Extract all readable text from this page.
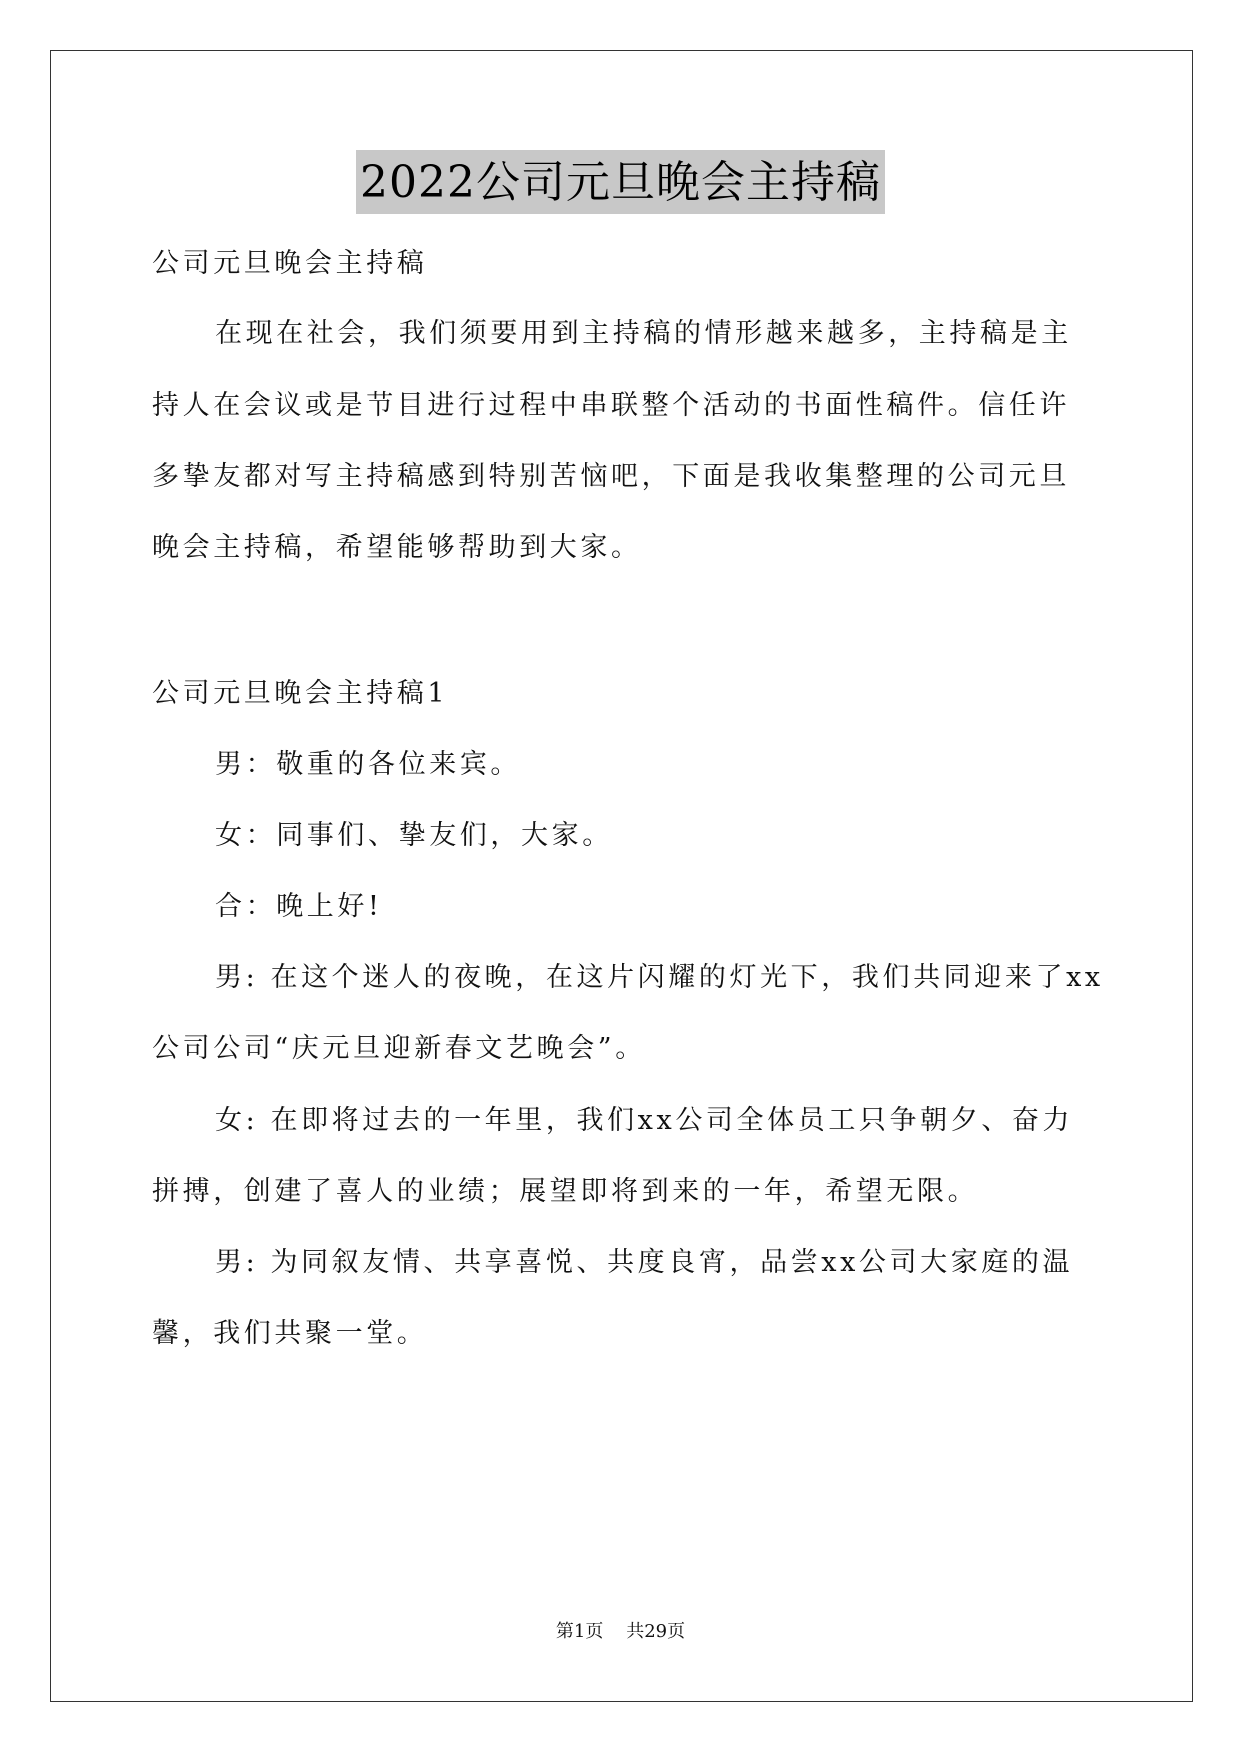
2022公司元旦晚会主持稿
公司元旦晚会主持稿
在现在社会，我们须要用到主持稿的情形越来越多，主持稿是主
持人在会议或是节目进行过程中串联整个活动的书面性稿件。信任许
多挚友都对写主持稿感到特别苦恼吧，下面是我收集整理的公司元旦
晚会主持稿，希望能够帮助到大家。
公司元旦晚会主持稿1
男：敬重的各位来宾。
女：同事们、挚友们，大家。
合：晚上好!
男: 在这个迷人的夜晚，在这片闪耀的灯光下，我们共同迎来了xx
公司公司“庆元旦迎新春文艺晚会”。
女: 在即将过去的一年里，我们xx公司全体员工只争朝夕、奋力
拼搏，创建了喜人的业绩；展望即将到来的一年，希望无限。
男: 为同叙友情、共享喜悦、共度良宵，品尝xx公司大家庭的温
馨，我们共聚一堂。
第1页 共29页
